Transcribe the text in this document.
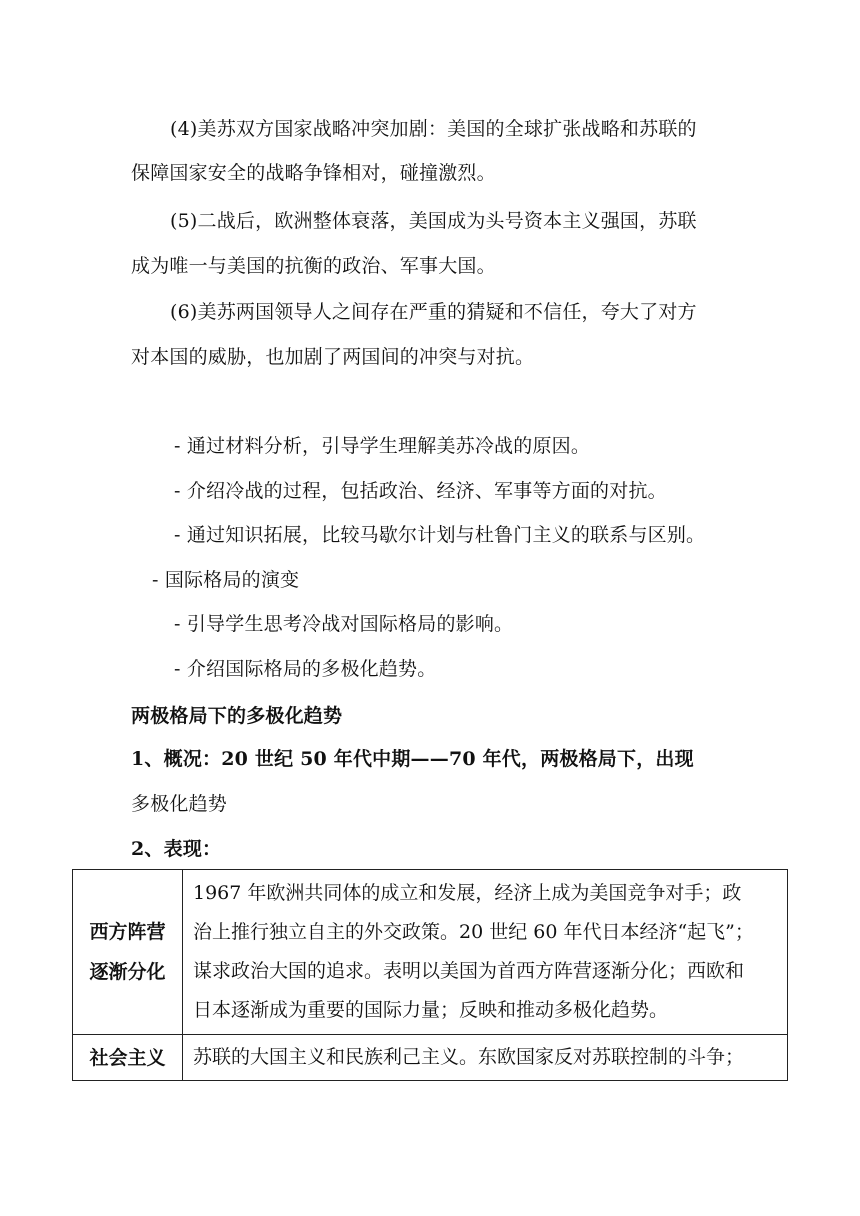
(4)美苏双方国家战略冲突加剧：美国的全球扩张战略和苏联的
保障国家安全的战略争锋相对，碰撞激烈。
(5)二战后，欧洲整体衰落，美国成为头号资本主义强国，苏联
成为唯一与美国的抗衡的政治、军事大国。
(6)美苏两国领导人之间存在严重的猜疑和不信任，夸大了对方
对本国的威胁，也加剧了两国间的冲突与对抗。
- 通过材料分析，引导学生理解美苏冷战的原因。
- 介绍冷战的过程，包括政治、经济、军事等方面的对抗。
- 通过知识拓展，比较马歇尔计划与杜鲁门主义的联系与区别。
- 国际格局的演变
- 引导学生思考冷战对国际格局的影响。
- 介绍国际格局的多极化趋势。
两极格局下的多极化趋势
1、概况：20 世纪 50 年代中期——70 年代，两极格局下，出现
多极化趋势
2、表现：
西方阵营
逐渐分化	1967 年欧洲共同体的成立和发展，经济上成为美国竞争对手；政
治上推行独立自主的外交政策。20 世纪 60 年代日本经济“起飞”；
谋求政治大国的追求。表明以美国为首西方阵营逐渐分化；西欧和
日本逐渐成为重要的国际力量；反映和推动多极化趋势。

社会主义	苏联的大国主义和民族利己主义。东欧国家反对苏联控制的斗争；
